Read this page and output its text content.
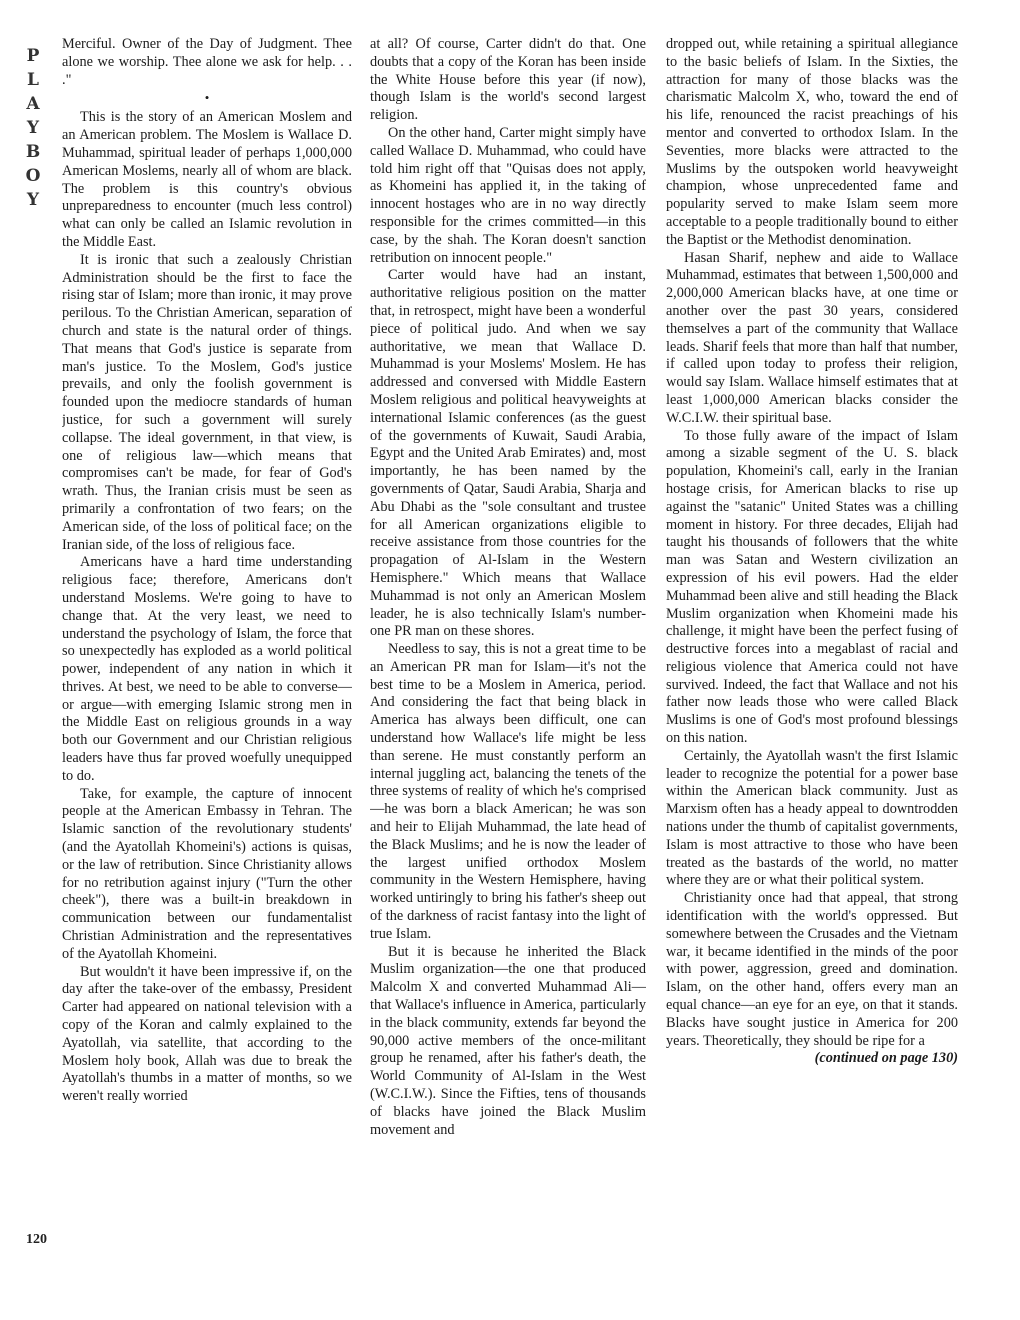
P
L
A
Y
B
O
Y

Merciful. Owner of the Day of Judgment. Thee alone we worship. Thee alone we ask for help. . . ."

•

This is the story of an American Moslem and an American problem. The Moslem is Wallace D. Muhammad, spiritual leader of perhaps 1,000,000 American Moslems, nearly all of whom are black. The problem is this country's obvious unpreparedness to encounter (much less control) what can only be called an Islamic revolution in the Middle East.

It is ironic that such a zealously Christian Administration should be the first to face the rising star of Islam; more than ironic, it may prove perilous. To the Christian American, separation of church and state is the natural order of things. That means that God's justice is separate from man's justice. To the Moslem, God's justice prevails, and only the foolish government is founded upon the mediocre standards of human justice, for such a government will surely collapse. The ideal government, in that view, is one of religious law—which means that compromises can't be made, for fear of God's wrath. Thus, the Iranian crisis must be seen as primarily a confrontation of two fears; on the American side, of the loss of political face; on the Iranian side, of the loss of religious face.

Americans have a hard time understanding religious face; therefore, Americans don't understand Moslems. We're going to have to change that. At the very least, we need to understand the psychology of Islam, the force that so unexpectedly has exploded as a world political power, independent of any nation in which it thrives. At best, we need to be able to converse—or argue—with emerging Islamic strong men in the Middle East on religious grounds in a way both our Government and our Christian religious leaders have thus far proved woefully unequipped to do.

Take, for example, the capture of innocent people at the American Embassy in Tehran. The Islamic sanction of the revolutionary students' (and the Ayatollah Khomeini's) actions is quisas, or the law of retribution. Since Christianity allows for no retribution against injury ("Turn the other cheek"), there was a built-in breakdown in communication between our fundamentalist Christian Administration and the representatives of the Ayatollah Khomeini.

But wouldn't it have been impressive if, on the day after the take-over of the embassy, President Carter had appeared on national television with a copy of the Koran and calmly explained to the Ayatollah, via satellite, that according to the Moslem holy book, Allah was due to break the Ayatollah's thumbs in a matter of months, so we weren't really worried

at all? Of course, Carter didn't do that. One doubts that a copy of the Koran has been inside the White House before this year (if now), though Islam is the world's second largest religion.

On the other hand, Carter might simply have called Wallace D. Muhammad, who could have told him right off that "Quisas does not apply, as Khomeini has applied it, in the taking of innocent hostages who are in no way directly responsible for the crimes committed—in this case, by the shah. The Koran doesn't sanction retribution on innocent people."

Carter would have had an instant, authoritative religious position on the matter that, in retrospect, might have been a wonderful piece of political judo. And when we say authoritative, we mean that Wallace D. Muhammad is your Moslems' Moslem. He has addressed and conversed with Middle Eastern Moslem religious and political heavyweights at international Islamic conferences (as the guest of the governments of Kuwait, Saudi Arabia, Egypt and the United Arab Emirates) and, most importantly, he has been named by the governments of Qatar, Saudi Arabia, Sharja and Abu Dhabi as the "sole consultant and trustee for all American organizations eligible to receive assistance from those countries for the propagation of Al-Islam in the Western Hemisphere." Which means that Wallace Muhammad is not only an American Moslem leader, he is also technically Islam's number-one PR man on these shores.

Needless to say, this is not a great time to be an American PR man for Islam—it's not the best time to be a Moslem in America, period. And considering the fact that being black in America has always been difficult, one can understand how Wallace's life might be less than serene. He must constantly perform an internal juggling act, balancing the tenets of the three systems of reality of which he's comprised—he was born a black American; he was son and heir to Elijah Muhammad, the late head of the Black Muslims; and he is now the leader of the largest unified orthodox Moslem community in the Western Hemisphere, having worked untiringly to bring his father's sheep out of the darkness of racist fantasy into the light of true Islam.

But it is because he inherited the Black Muslim organization—the one that produced Malcolm X and converted Muhammad Ali—that Wallace's influence in America, particularly in the black community, extends far beyond the 90,000 active members of the once-militant group he renamed, after his father's death, the World Community of Al-Islam in the West (W.C.I.W.). Since the Fifties, tens of thousands of blacks have joined the Black Muslim movement and

dropped out, while retaining a spiritual allegiance to the basic beliefs of Islam. In the Sixties, the attraction for many of those blacks was the charismatic Malcolm X, who, toward the end of his life, renounced the racist preachings of his mentor and converted to orthodox Islam. In the Seventies, more blacks were attracted to the Muslims by the outspoken world heavyweight champion, whose unprecedented fame and popularity served to make Islam seem more acceptable to a people traditionally bound to either the Baptist or the Methodist denomination.

Hasan Sharif, nephew and aide to Wallace Muhammad, estimates that between 1,500,000 and 2,000,000 American blacks have, at one time or another over the past 30 years, considered themselves a part of the community that Wallace leads. Sharif feels that more than half that number, if called upon today to profess their religion, would say Islam. Wallace himself estimates that at least 1,000,000 American blacks consider the W.C.I.W. their spiritual base.

To those fully aware of the impact of Islam among a sizable segment of the U. S. black population, Khomeini's call, early in the Iranian hostage crisis, for American blacks to rise up against the "satanic" United States was a chilling moment in history. For three decades, Elijah had taught his thousands of followers that the white man was Satan and Western civilization an expression of his evil powers. Had the elder Muhammad been alive and still heading the Black Muslim organization when Khomeini made his challenge, it might have been the perfect fusing of destructive forces into a megablast of racial and religious violence that America could not have survived. Indeed, the fact that Wallace and not his father now leads those who were called Black Muslims is one of God's most profound blessings on this nation.

Certainly, the Ayatollah wasn't the first Islamic leader to recognize the potential for a power base within the American black community. Just as Marxism often has a heady appeal to downtrodden nations under the thumb of capitalist governments, Islam is most attractive to those who have been treated as the bastards of the world, no matter where they are or what their political system.

Christianity once had that appeal, that strong identification with the world's oppressed. But somewhere between the Crusades and the Vietnam war, it became identified in the minds of the poor with power, aggression, greed and domination. Islam, on the other hand, offers every man an equal chance—an eye for an eye, on that it stands. Blacks have sought justice in America for 200 years. Theoretically, they should be ripe for a

(continued on page 130)

120
